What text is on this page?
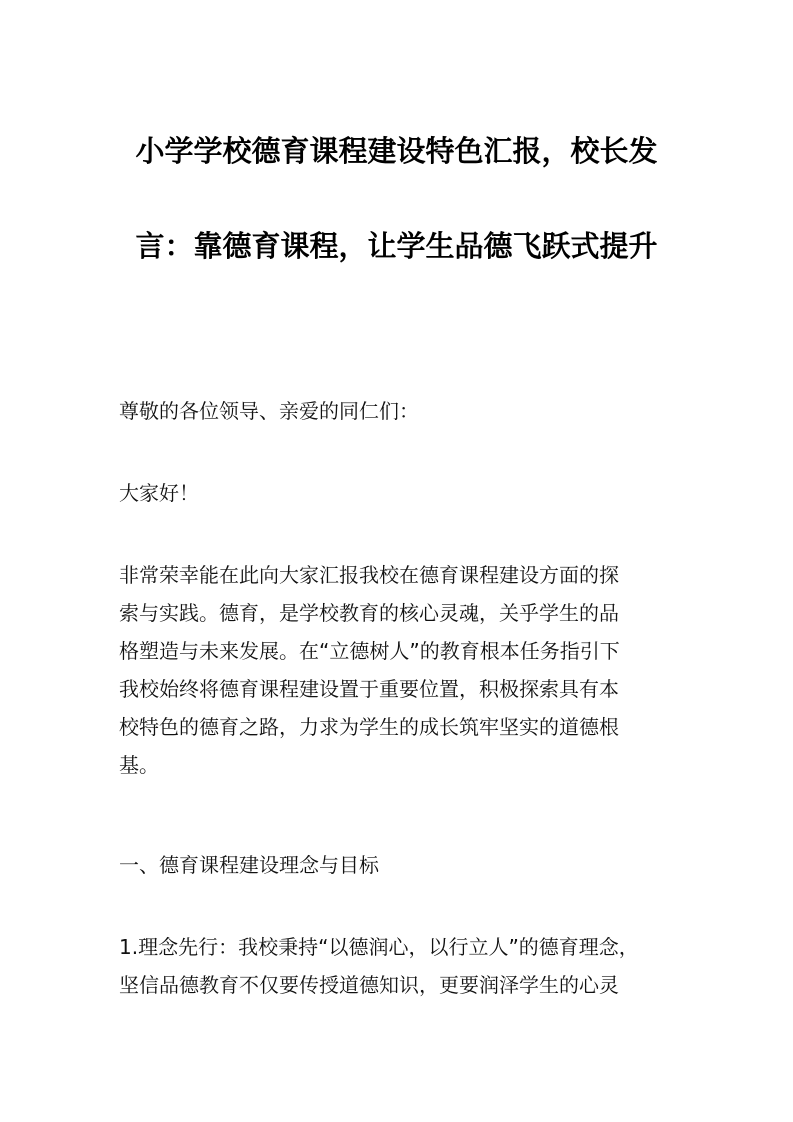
小学学校德育课程建设特色汇报，校长发
言：靠德育课程，让学生品德飞跃式提升
尊敬的各位领导、亲爱的同仁们：
大家好！
非常荣幸能在此向大家汇报我校在德育课程建设方面的探
索与实践。德育，是学校教育的核心灵魂，关乎学生的品
格塑造与未来发展。在“立德树人”的教育根本任务指引下
我校始终将德育课程建设置于重要位置，积极探索具有本
校特色的德育之路，力求为学生的成长筑牢坚实的道德根
基。
一、德育课程建设理念与目标
1.理念先行：我校秉持“以德润心，以行立人”的德育理念，
坚信品德教育不仅要传授道德知识，更要润泽学生的心灵
